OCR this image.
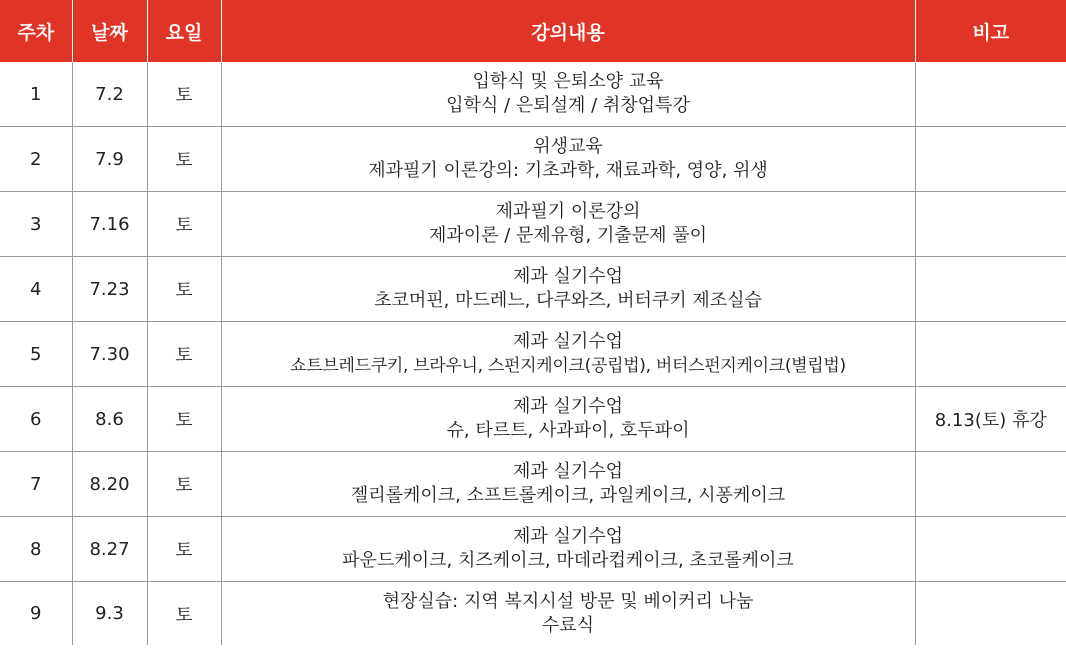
주차	날짜	요일	강의내용	비고
1	7.2	토	입학식 및 은퇴소양 교육
입학식 / 은퇴설계 / 취창업특강	

2	7.9	토	위생교육
제과필기 이론강의: 기초과학, 재료과학, 영양, 위생	

3	7.16	토	제과필기 이론강의
제과이론 / 문제유형, 기출문제 풀이	

4	7.23	토	제과 실기수업
초코머핀, 마드레느, 다쿠와즈, 버터쿠키 제조실습	

5	7.30	토	제과 실기수업
쇼트브레드쿠키, 브라우니, 스펀지케이크(공립법), 버터스펀지케이크(별립법)	

6	8.6	토	제과 실기수업
슈, 타르트, 사과파이, 호두파이	8.13(토) 휴강
7	8.20	토	제과 실기수업
젤리롤케이크, 소프트롤케이크, 과일케이크, 시퐁케이크	

8	8.27	토	제과 실기수업
파운드케이크, 치즈케이크, 마데라컵케이크, 초코롤케이크	

9	9.3	토	현장실습: 지역 복지시설 방문 및 베이커리 나눔
수료식	
